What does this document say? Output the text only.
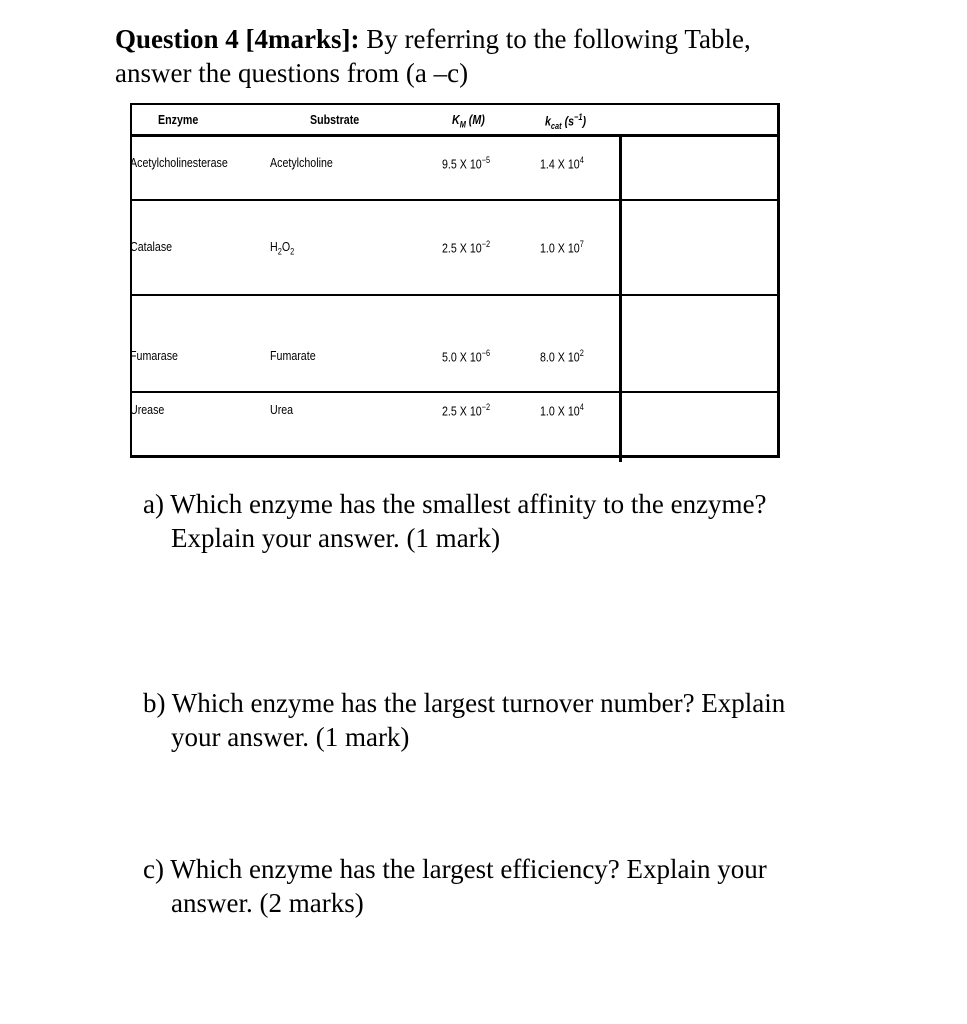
Question 4 [4marks]: By referring to the following Table,
answer the questions from (a –c)
Enzyme	Substrate	$K_M$ (M)	$k_{cat}$ $(s^{-1})$
Acetylcholinesterase	Acetylcholine	9.5 X $10^{-5}$	1.4 X $10^4$
Catalase	$H_2O_2$	2.5 X $10^{-2}$	1.0 X $10^7$
Fumarase	Fumarate	5.0 X $10^{-6}$	8.0 X $10^2$
Urease	Urea	2.5 X $10^{-2}$	1.0 X $10^4$
a) Which enzyme has the smallest affinity to the enzyme?
Explain your answer. (1 mark)
b) Which enzyme has the largest turnover number? Explain
your answer. (1 mark)
c) Which enzyme has the largest efficiency? Explain your
answer. (2 marks)
